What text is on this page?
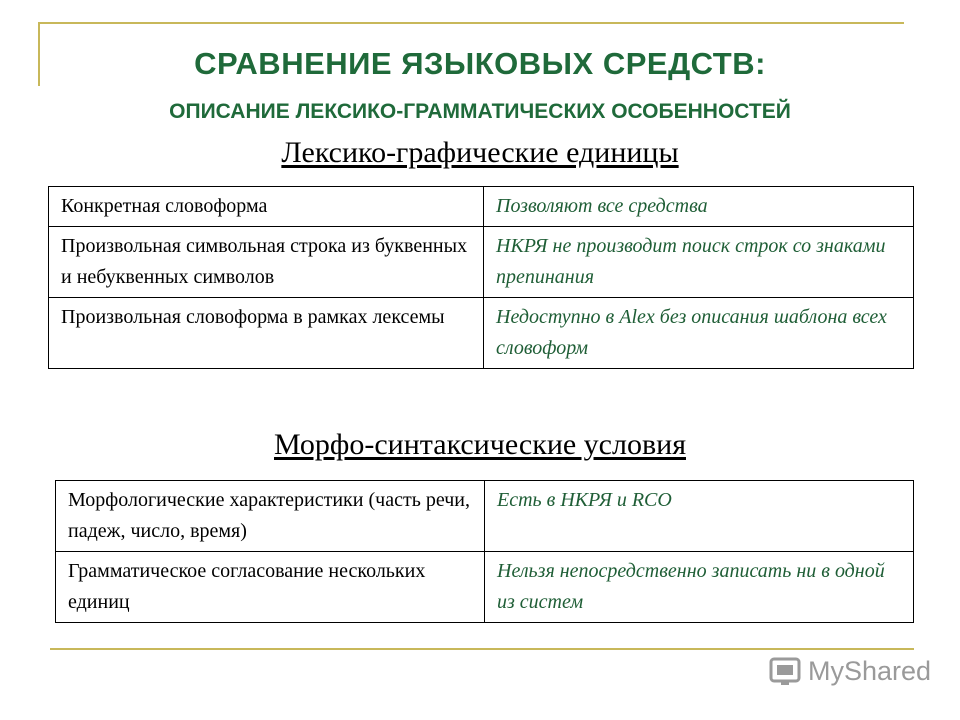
СРАВНЕНИЕ ЯЗЫКОВЫХ СРЕДСТВ:
ОПИСАНИЕ ЛЕКСИКО-ГРАММАТИЧЕСКИХ ОСОБЕННОСТЕЙ
Лексико-графические единицы
Конкретная словоформа	Позволяют все средства
Произвольная символьная строка из буквенных и небуквенных символов	НКРЯ не производит поиск строк со знаками препинания
Произвольная словоформа в рамках лексемы	Недоступно в Alex без описания шаблона всех словоформ
Морфо-синтаксические условия
Морфологические характеристики (часть речи, падеж, число, время)	Есть в НКРЯ и RCO
Грамматическое согласование нескольких единиц	Нельзя непосредственно записать ни в одной из систем
MyShared
